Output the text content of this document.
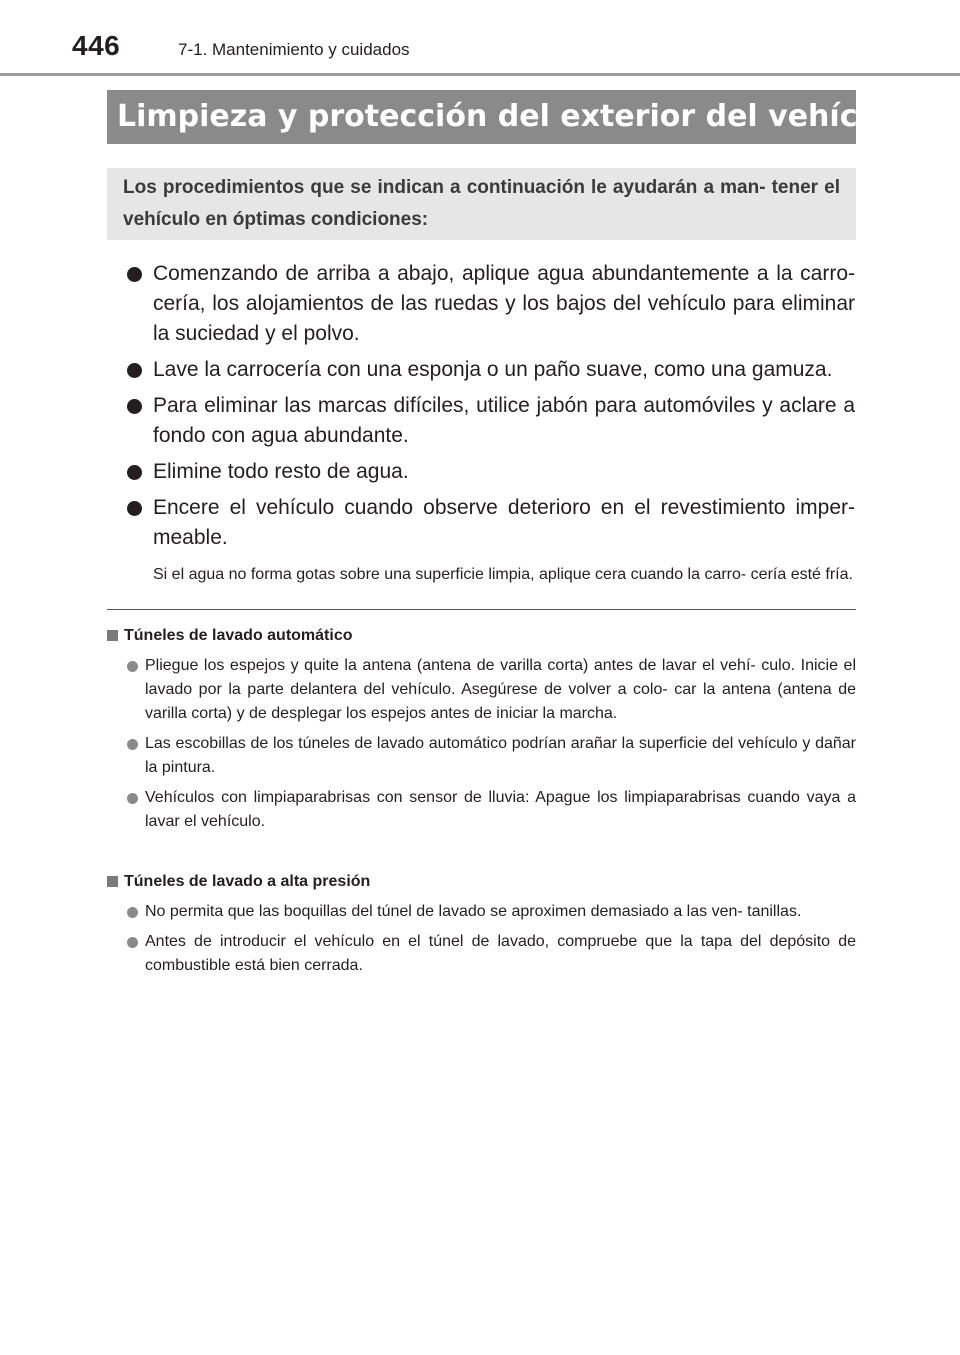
446	7-1. Mantenimiento y cuidados
Limpieza y protección del exterior del vehículo
Los procedimientos que se indican a continuación le ayudarán a man- tener el vehículo en óptimas condiciones:
Comenzando de arriba a abajo, aplique agua abundantemente a la carro- cería, los alojamientos de las ruedas y los bajos del vehículo para eliminar la suciedad y el polvo.
Lave la carrocería con una esponja o un paño suave, como una gamuza.
Para eliminar las marcas difíciles, utilice jabón para automóviles y aclare a fondo con agua abundante.
Elimine todo resto de agua.
Encere el vehículo cuando observe deterioro en el revestimiento imper- meable.
Si el agua no forma gotas sobre una superficie limpia, aplique cera cuando la carro- cería esté fría.
Túneles de lavado automático
Pliegue los espejos y quite la antena (antena de varilla corta) antes de lavar el vehí- culo. Inicie el lavado por la parte delantera del vehículo. Asegúrese de volver a colo- car la antena (antena de varilla corta) y de desplegar los espejos antes de iniciar la marcha.
Las escobillas de los túneles de lavado automático podrían arañar la superficie del vehículo y dañar la pintura.
Vehículos con limpiaparabrisas con sensor de lluvia: Apague los limpiaparabrisas cuando vaya a lavar el vehículo.
Túneles de lavado a alta presión
No permita que las boquillas del túnel de lavado se aproximen demasiado a las ven- tanillas.
Antes de introducir el vehículo en el túnel de lavado, compruebe que la tapa del depósito de combustible está bien cerrada.
